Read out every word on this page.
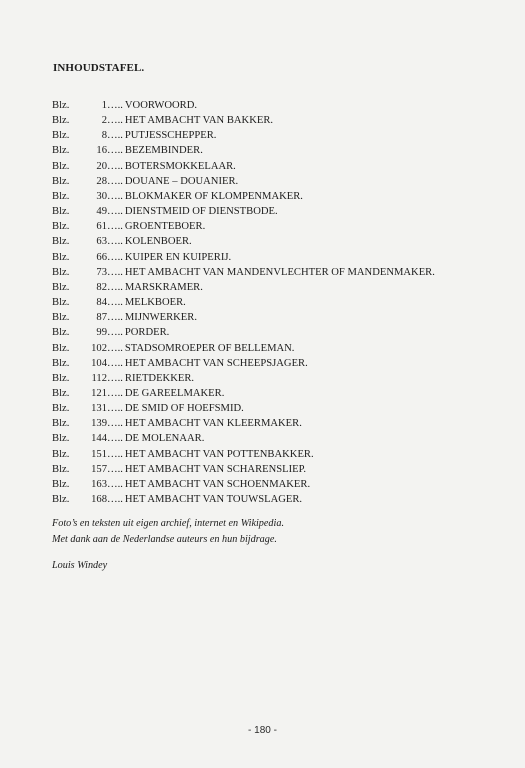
INHOUDSTAFEL.
Blz.	1 ….. VOORWOORD.
Blz.	2 ….. HET AMBACHT VAN BAKKER.
Blz.	8 ….. PUTJESSCHEPPER.
Blz.	16 ….. BEZEMBINDER.
Blz.	20 ….. BOTERSMOKKELAAR.
Blz.	28 ….. DOUANE – DOUANIER.
Blz.	30 ….. BLOKMAKER OF KLOMPENMAKER.
Blz.	49 ….. DIENSTMEID OF DIENSTBODE.
Blz.	61 ….. GROENTEBOER.
Blz.	63 ….. KOLENBOER.
Blz.	66 ….. KUIPER EN KUIPERIJ.
Blz.	73 ….. HET AMBACHT VAN MANDENVLECHTER OF MANDENMAKER.
Blz.	82 ….. MARSKRAMER.
Blz.	84 ….. MELKBOER.
Blz.	87 ….. MIJNWERKER.
Blz.	99 ….. PORDER.
Blz.	102 ….. STADSOMROEPER OF BELLEMAN.
Blz.	104 ….. HET AMBACHT VAN SCHEEPSJAGER.
Blz.	112 ….. RIETDEKKER.
Blz.	121 ….. DE GAREELMAKER.
Blz.	131 ….. DE SMID OF HOEFSMID.
Blz.	139 ….. HET AMBACHT VAN KLEERMAKER.
Blz.	144 ….. DE MOLENAAR.
Blz.	151 ….. HET AMBACHT VAN POTTENBAKKER.
Blz.	157 ….. HET AMBACHT VAN SCHARENSLIEP.
Blz.	163 ….. HET AMBACHT VAN SCHOENMAKER.
Blz.	168 ….. HET AMBACHT VAN TOUWSLAGER.
Foto’s en teksten uit eigen archief, internet en Wikipedia.
Met dank aan de Nederlandse auteurs en hun bijdrage.
Louis Windey
- 180 -
